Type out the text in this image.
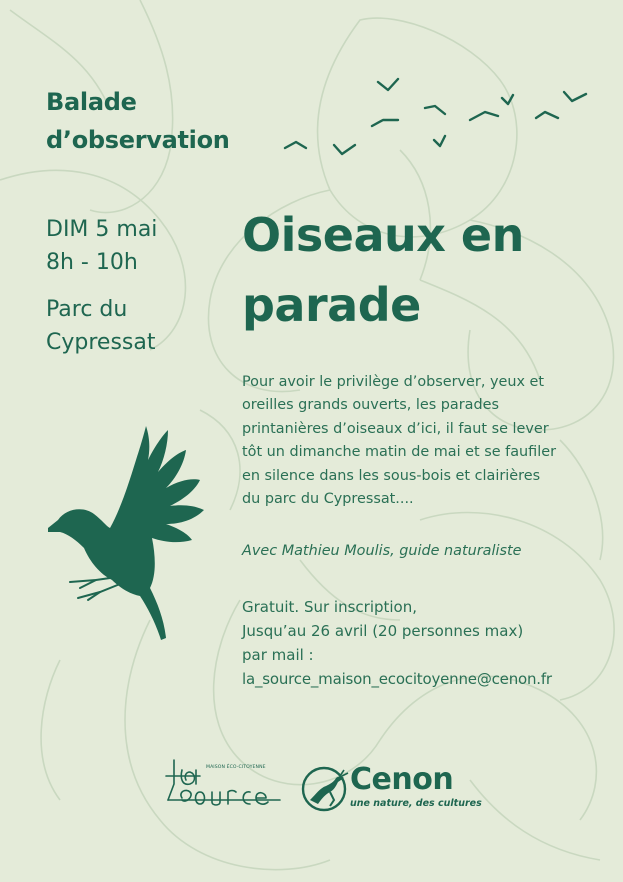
Balade
d’observation
DIM 5 mai
8h - 10h
Parc du
Cypressat
Oiseaux en
parade
Pour avoir le privilège d’observer, yeux et
oreilles grands ouverts, les parades
printanières d’oiseaux d’ici, il faut se lever
tôt un dimanche matin de mai et se faufiler
en silence dans les sous-bois et clairières
du parc du Cypressat....
Avec Mathieu Moulis, guide naturaliste
Gratuit. Sur inscription,
Jusqu’au 26 avril (20 personnes max)
par mail :
la_source_maison_ecocitoyenne@cenon.fr
MAISON ÉCO-CITOYENNE	Cenon
une nature, des cultures
